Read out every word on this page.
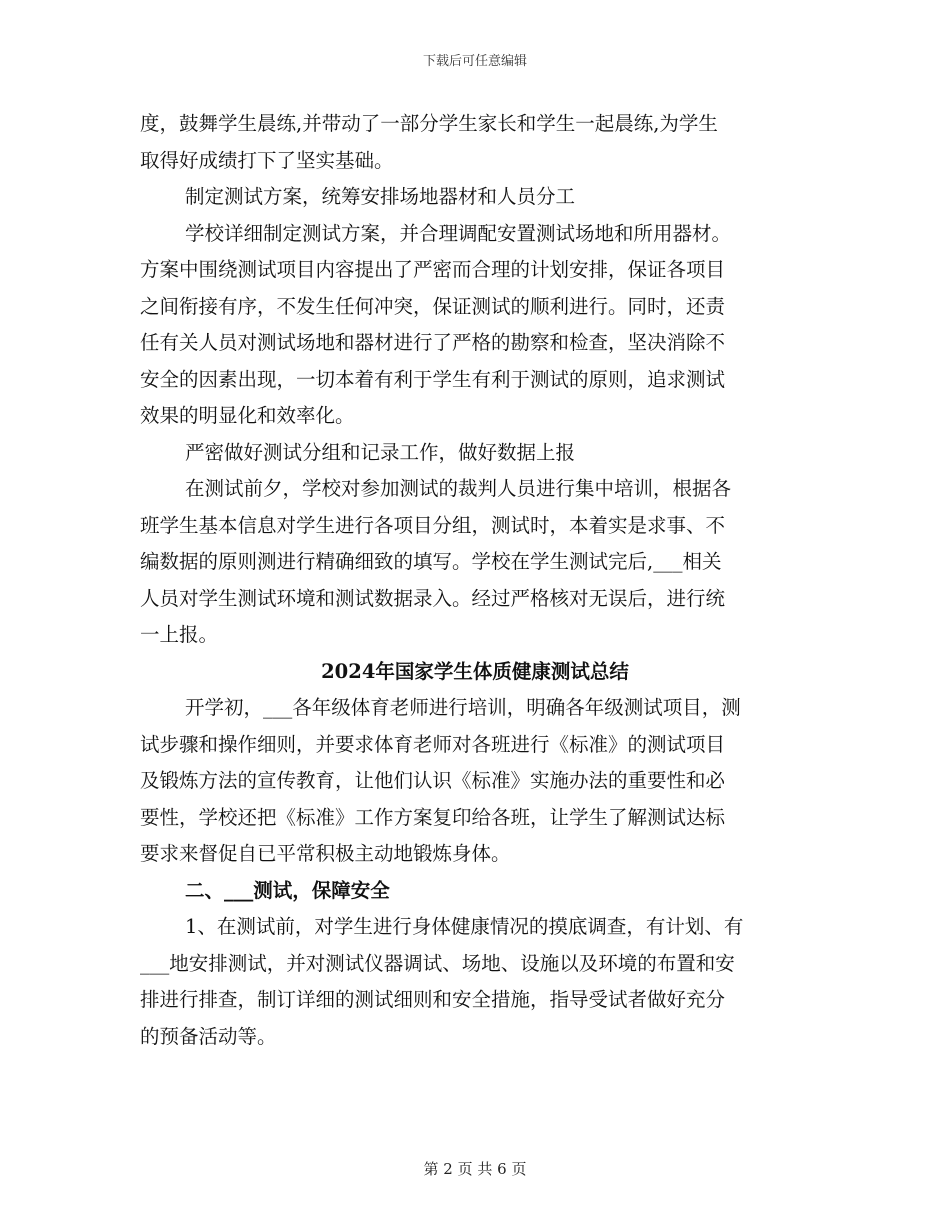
下载后可任意编辑
度，鼓舞学生晨练,并带动了一部分学生家长和学生一起晨练,为学生
取得好成绩打下了坚实基础。
制定测试方案，统筹安排场地器材和人员分工
学校详细制定测试方案，并合理调配安置测试场地和所用器材。
方案中围绕测试项目内容提出了严密而合理的计划安排，保证各项目
之间衔接有序，不发生任何冲突，保证测试的顺利进行。同时，还责
任有关人员对测试场地和器材进行了严格的勘察和检查，坚决消除不
安全的因素出现，一切本着有利于学生有利于测试的原则，追求测试
效果的明显化和效率化。
严密做好测试分组和记录工作，做好数据上报
在测试前夕，学校对参加测试的裁判人员进行集中培训，根据各
班学生基本信息对学生进行各项目分组，测试时，本着实是求事、不
编数据的原则测进行精确细致的填写。学校在学生测试完后,___相关
人员对学生测试环境和测试数据录入。经过严格核对无误后，进行统
一上报。
2024年国家学生体质健康测试总结
开学初，___各年级体育老师进行培训，明确各年级测试项目，测
试步骤和操作细则，并要求体育老师对各班进行《标准》的测试项目
及锻炼方法的宣传教育，让他们认识《标准》实施办法的重要性和必
要性，学校还把《标准》工作方案复印给各班，让学生了解测试达标
要求来督促自已平常积极主动地锻炼身体。
二、___测试，保障安全
1、在测试前，对学生进行身体健康情况的摸底调查，有计划、有
___地安排测试，并对测试仪器调试、场地、设施以及环境的布置和安
排进行排查，制订详细的测试细则和安全措施，指导受试者做好充分
的预备活动等。
第 2 页 共 6 页
